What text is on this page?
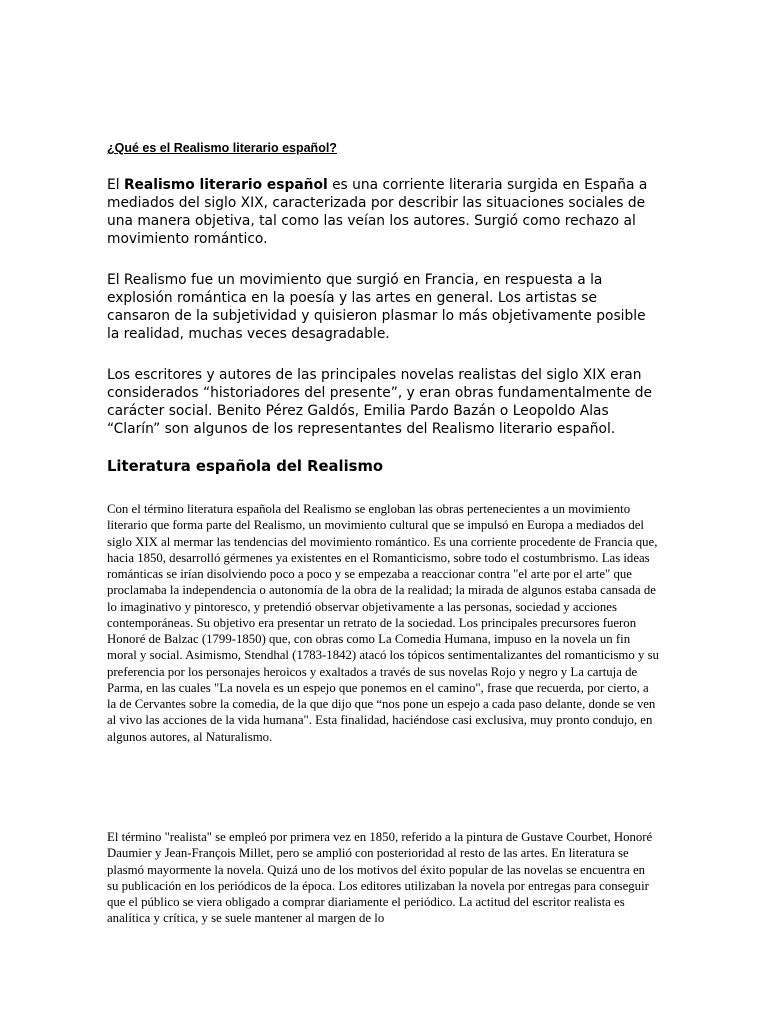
¿Qué es el Realismo literario español?

El Realismo literario español es una corriente literaria surgida en España a mediados del siglo XIX, caracterizada por describir las situaciones sociales de una manera objetiva, tal como las veían los autores. Surgió como rechazo al movimiento romántico.

El Realismo fue un movimiento que surgió en Francia, en respuesta a la explosión romántica en la poesía y las artes en general. Los artistas se cansaron de la subjetividad y quisieron plasmar lo más objetivamente posible la realidad, muchas veces desagradable.

Los escritores y autores de las principales novelas realistas del siglo XIX eran considerados “historiadores del presente”, y eran obras fundamentalmente de carácter social. Benito Pérez Galdós, Emilia Pardo Bazán o Leopoldo Alas “Clarín” son algunos de los representantes del Realismo literario español.

Literatura española del Realismo

Con el término literatura española del Realismo se engloban las obras pertenecientes a un movimiento literario que forma parte del Realismo, un movimiento cultural que se impulsó en Europa a mediados del siglo XIX al mermar las tendencias del movimiento romántico. Es una corriente procedente de Francia que, hacia 1850, desarrolló gérmenes ya existentes en el Romanticismo, sobre todo el costumbrismo. Las ideas románticas se irían disolviendo poco a poco y se empezaba a reaccionar contra "el arte por el arte" que proclamaba la independencia o autonomía de la obra de la realidad; la mirada de algunos estaba cansada de lo imaginativo y pintoresco, y pretendió observar objetivamente a las personas, sociedad y acciones contemporáneas. Su objetivo era presentar un retrato de la sociedad. Los principales precursores fueron Honoré de Balzac (1799-1850) que, con obras como La Comedia Humana, impuso en la novela un fin moral y social. Asimismo, Stendhal (1783-1842) atacó los tópicos sentimentalizantes del romanticismo y su preferencia por los personajes heroicos y exaltados a través de sus novelas Rojo y negro y La cartuja de Parma, en las cuales "La novela es un espejo que ponemos en el camino", frase que recuerda, por cierto, a la de Cervantes sobre la comedia, de la que dijo que “nos pone un espejo a cada paso delante, donde se ven al vivo las acciones de la vida humana". Esta finalidad, haciéndose casi exclusiva, muy pronto condujo, en algunos autores, al Naturalismo.

El término "realista" se empleó por primera vez en 1850, referido a la pintura de Gustave Courbet, Honoré Daumier y Jean-François Millet, pero se amplió con posterioridad al resto de las artes. En literatura se plasmó mayormente la novela. Quizá uno de los motivos del éxito popular de las novelas se encuentra en su publicación en los periódicos de la época. Los editores utilizaban la novela por entregas para conseguir que el público se viera obligado a comprar diariamente el periódico. La actitud del escritor realista es analítica y crítica, y se suele mantener al margen de lo
